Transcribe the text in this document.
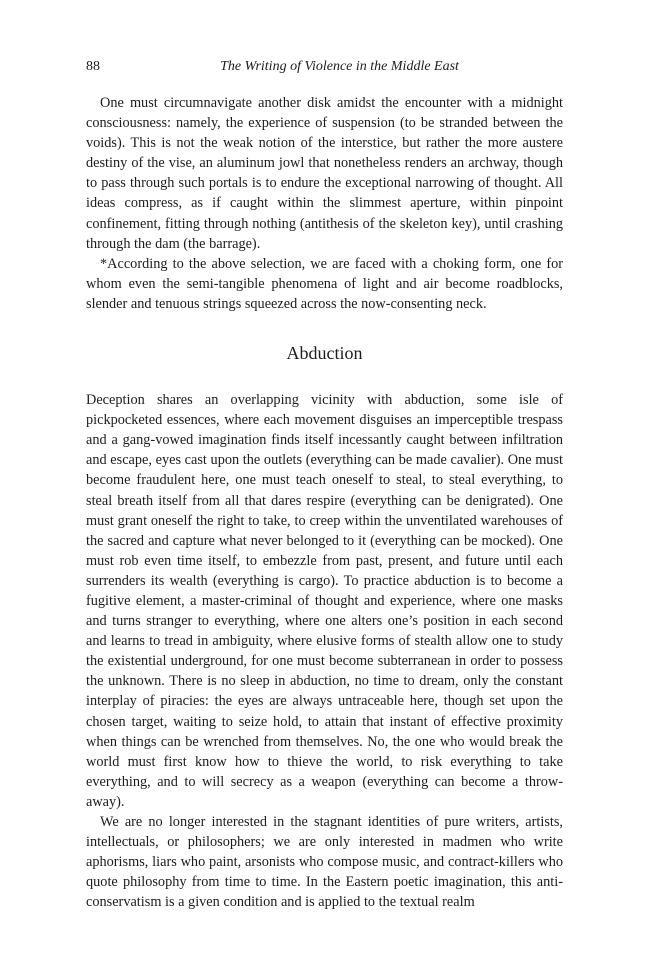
88	The Writing of Violence in the Middle East

One must circumnavigate another disk amidst the encounter with a midnight consciousness: namely, the experience of suspension (to be stranded between the voids). This is not the weak notion of the interstice, but rather the more austere destiny of the vise, an aluminum jowl that nonetheless renders an archway, though to pass through such portals is to endure the exceptional narrowing of thought. All ideas compress, as if caught within the slimmest aperture, within pinpoint confinement, fitting through nothing (antithesis of the skeleton key), until crashing through the dam (the barrage).

*According to the above selection, we are faced with a choking form, one for whom even the semi-tangible phenomena of light and air become roadblocks, slender and tenuous strings squeezed across the now-consenting neck.

Abduction

Deception shares an overlapping vicinity with abduction, some isle of pickpocketed essences, where each movement disguises an imperceptible trespass and a gang-vowed imagination finds itself incessantly caught between infiltration and escape, eyes cast upon the outlets (everything can be made cavalier). One must become fraudulent here, one must teach oneself to steal, to steal everything, to steal breath itself from all that dares respire (everything can be denigrated). One must grant oneself the right to take, to creep within the unventilated warehouses of the sacred and capture what never belonged to it (everything can be mocked). One must rob even time itself, to embezzle from past, present, and future until each surrenders its wealth (everything is cargo). To practice abduction is to become a fugitive element, a master-criminal of thought and experience, where one masks and turns stranger to everything, where one alters one’s position in each second and learns to tread in ambiguity, where elusive forms of stealth allow one to study the existential underground, for one must become subterranean in order to possess the unknown. There is no sleep in abduction, no time to dream, only the constant interplay of piracies: the eyes are always untraceable here, though set upon the chosen target, waiting to seize hold, to attain that instant of effective proximity when things can be wrenched from themselves. No, the one who would break the world must first know how to thieve the world, to risk everything to take everything, and to will secrecy as a weapon (everything can become a throw-away).

We are no longer interested in the stagnant identities of pure writers, artists, intellectuals, or philosophers; we are only interested in madmen who write aphorisms, liars who paint, arsonists who compose music, and contract-killers who quote philosophy from time to time. In the Eastern poetic imagination, this anti-conservatism is a given condition and is applied to the textual realm
